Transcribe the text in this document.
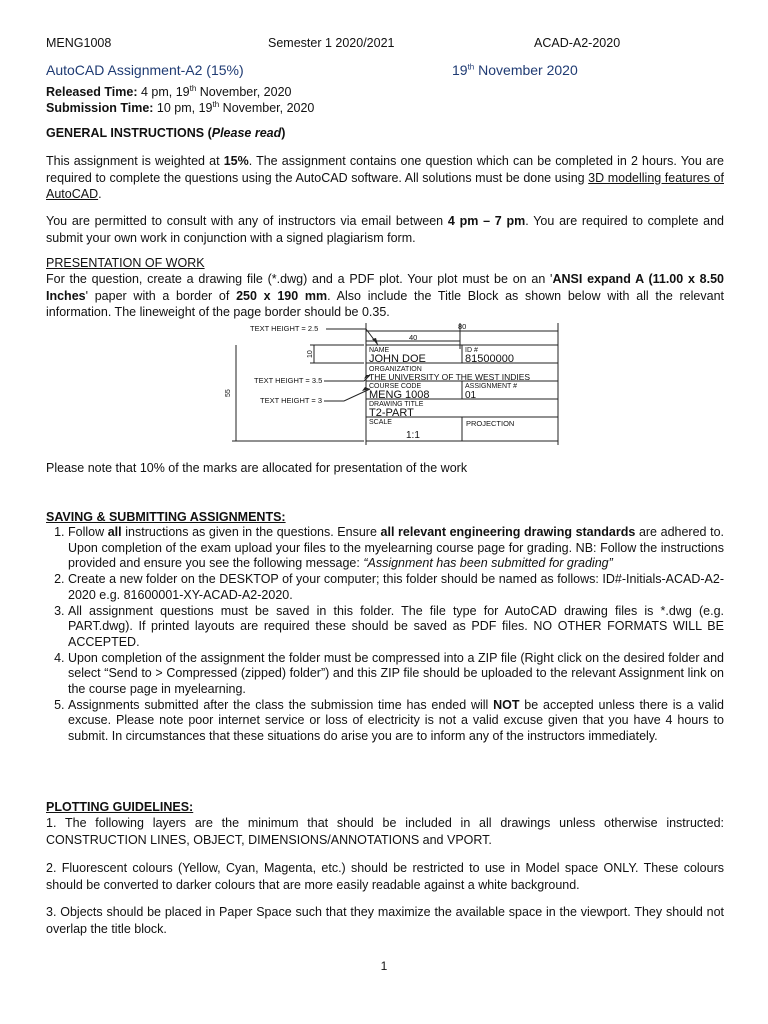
MENG1008	Semester 1 2020/2021	ACAD-A2-2020
AutoCAD Assignment-A2 (15%)	19th November 2020
Released Time: 4 pm, 19th November, 2020
Submission Time: 10 pm, 19th November, 2020
GENERAL INSTRUCTIONS (Please read)
This assignment is weighted at 15%. The assignment contains one question which can be completed in 2 hours. You are required to complete the questions using the AutoCAD software. All solutions must be done using 3D modelling features of AutoCAD.
You are permitted to consult with any of instructors via email between 4 pm – 7 pm. You are required to complete and submit your own work in conjunction with a signed plagiarism form.
PRESENTATION OF WORK
For the question, create a drawing file (*.dwg) and a PDF plot. Your plot must be on an 'ANSI expand A (11.00 x 8.50 Inches' paper with a border of 250 x 190 mm. Also include the Title Block as shown below with all the relevant information. The lineweight of the page border should be 0.35.
TEXT HEIGHT = 2.5	80
40
10
55
TEXT HEIGHT = 3.5
TEXT HEIGHT = 3
NAME
JOHN DOE
ID #
81500000
ORGANIZATION
THE UNIVERSITY OF THE WEST INDIES
COURSE CODE
MENG 1008
ASSIGNMENT #
01
DRAWING TITLE
T2-PART
SCALE
1:1
PROJECTION
Please note that 10% of the marks are allocated for presentation of the work
SAVING & SUBMITTING ASSIGNMENTS:
1. Follow all instructions as given in the questions. Ensure all relevant engineering drawing standards are adhered to. Upon completion of the exam upload your files to the myelearning course page for grading. NB: Follow the instructions provided and ensure you see the following message: “Assignment has been submitted for grading”
2. Create a new folder on the DESKTOP of your computer; this folder should be named as follows: ID#-Initials-ACAD-A2-2020 e.g. 81600001-XY-ACAD-A2-2020.
3. All assignment questions must be saved in this folder. The file type for AutoCAD drawing files is *.dwg (e.g. PART.dwg). If printed layouts are required these should be saved as PDF files. NO OTHER FORMATS WILL BE ACCEPTED.
4. Upon completion of the assignment the folder must be compressed into a ZIP file (Right click on the desired folder and select “Send to > Compressed (zipped) folder”) and this ZIP file should be uploaded to the relevant Assignment link on the course page in myelearning.
5. Assignments submitted after the class the submission time has ended will NOT be accepted unless there is a valid excuse. Please note poor internet service or loss of electricity is not a valid excuse given that you have 4 hours to submit. In circumstances that these situations do arise you are to inform any of the instructors immediately.
PLOTTING GUIDELINES:
1. The following layers are the minimum that should be included in all drawings unless otherwise instructed: CONSTRUCTION LINES, OBJECT, DIMENSIONS/ANNOTATIONS and VPORT.
2. Fluorescent colours (Yellow, Cyan, Magenta, etc.) should be restricted to use in Model space ONLY. These colours should be converted to darker colours that are more easily readable against a white background.
3. Objects should be placed in Paper Space such that they maximize the available space in the viewport. They should not overlap the title block.
1
